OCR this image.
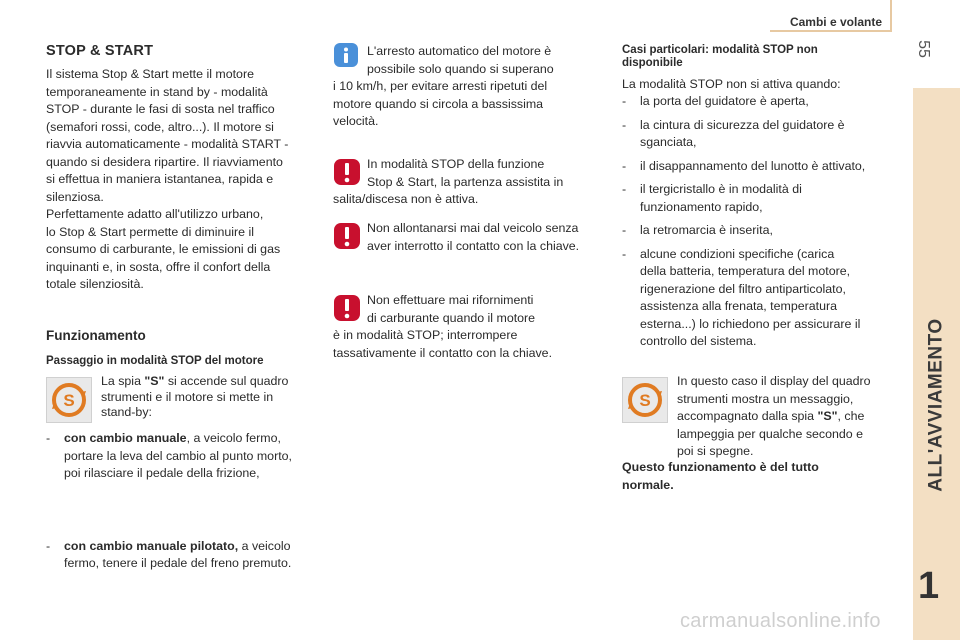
Cambi e volante
55
ALL'AVVIAMENTO
1
STOP & START
Il sistema Stop & Start mette il motore
temporaneamente in stand by - modalità
STOP - durante le fasi di sosta nel traffico
(semafori rossi, code, altro...). Il motore si
riavvia automaticamente - modalità START -
quando si desidera ripartire. Il riavviamento
si effettua in maniera istantanea, rapida e
silenziosa.
Perfettamente adatto all'utilizzo urbano,
lo Stop & Start permette di diminuire il
consumo di carburante, le emissioni di gas
inquinanti e, in sosta, offre il confort della
totale silenziosità.
Funzionamento
Passaggio in modalità STOP del motore
S
La spia "S" si accende sul quadro
strumenti e il motore si mette in
stand-by:
- con cambio manuale, a veicolo fermo,
portare la leva del cambio al punto morto,
poi rilasciare il pedale della frizione,
- con cambio manuale pilotato, a veicolo
fermo, tenere il pedale del freno premuto.
L'arresto automatico del motore è
possibile solo quando si superano
i 10 km/h, per evitare arresti ripetuti del
motore quando si circola a bassissima
velocità.
In modalità STOP della funzione
Stop & Start, la partenza assistita in
salita/discesa non è attiva.
Non allontanarsi mai dal veicolo senza
aver interrotto il contatto con la chiave.
Non effettuare mai rifornimenti
di carburante quando il motore
è in modalità STOP; interrompere
tassativamente il contatto con la chiave.
Casi particolari: modalità STOP non
disponibile
La modalità STOP non si attiva quando:
- la porta del guidatore è aperta,
- la cintura di sicurezza del guidatore è
sganciata,
- il disappannamento del lunotto è attivato,
- il tergicristallo è in modalità di
funzionamento rapido,
- la retromarcia è inserita,
- alcune condizioni specifiche (carica
della batteria, temperatura del motore,
rigenerazione del filtro antiparticolato,
assistenza alla frenata, temperatura
esterna...) lo richiedono per assicurare il
controllo del sistema.
S
In questo caso il display del quadro
strumenti mostra un messaggio,
accompagnato dalla spia "S", che
lampeggia per qualche secondo e
poi si spegne.
Questo funzionamento è del tutto
normale.
carmanualsonline.info
